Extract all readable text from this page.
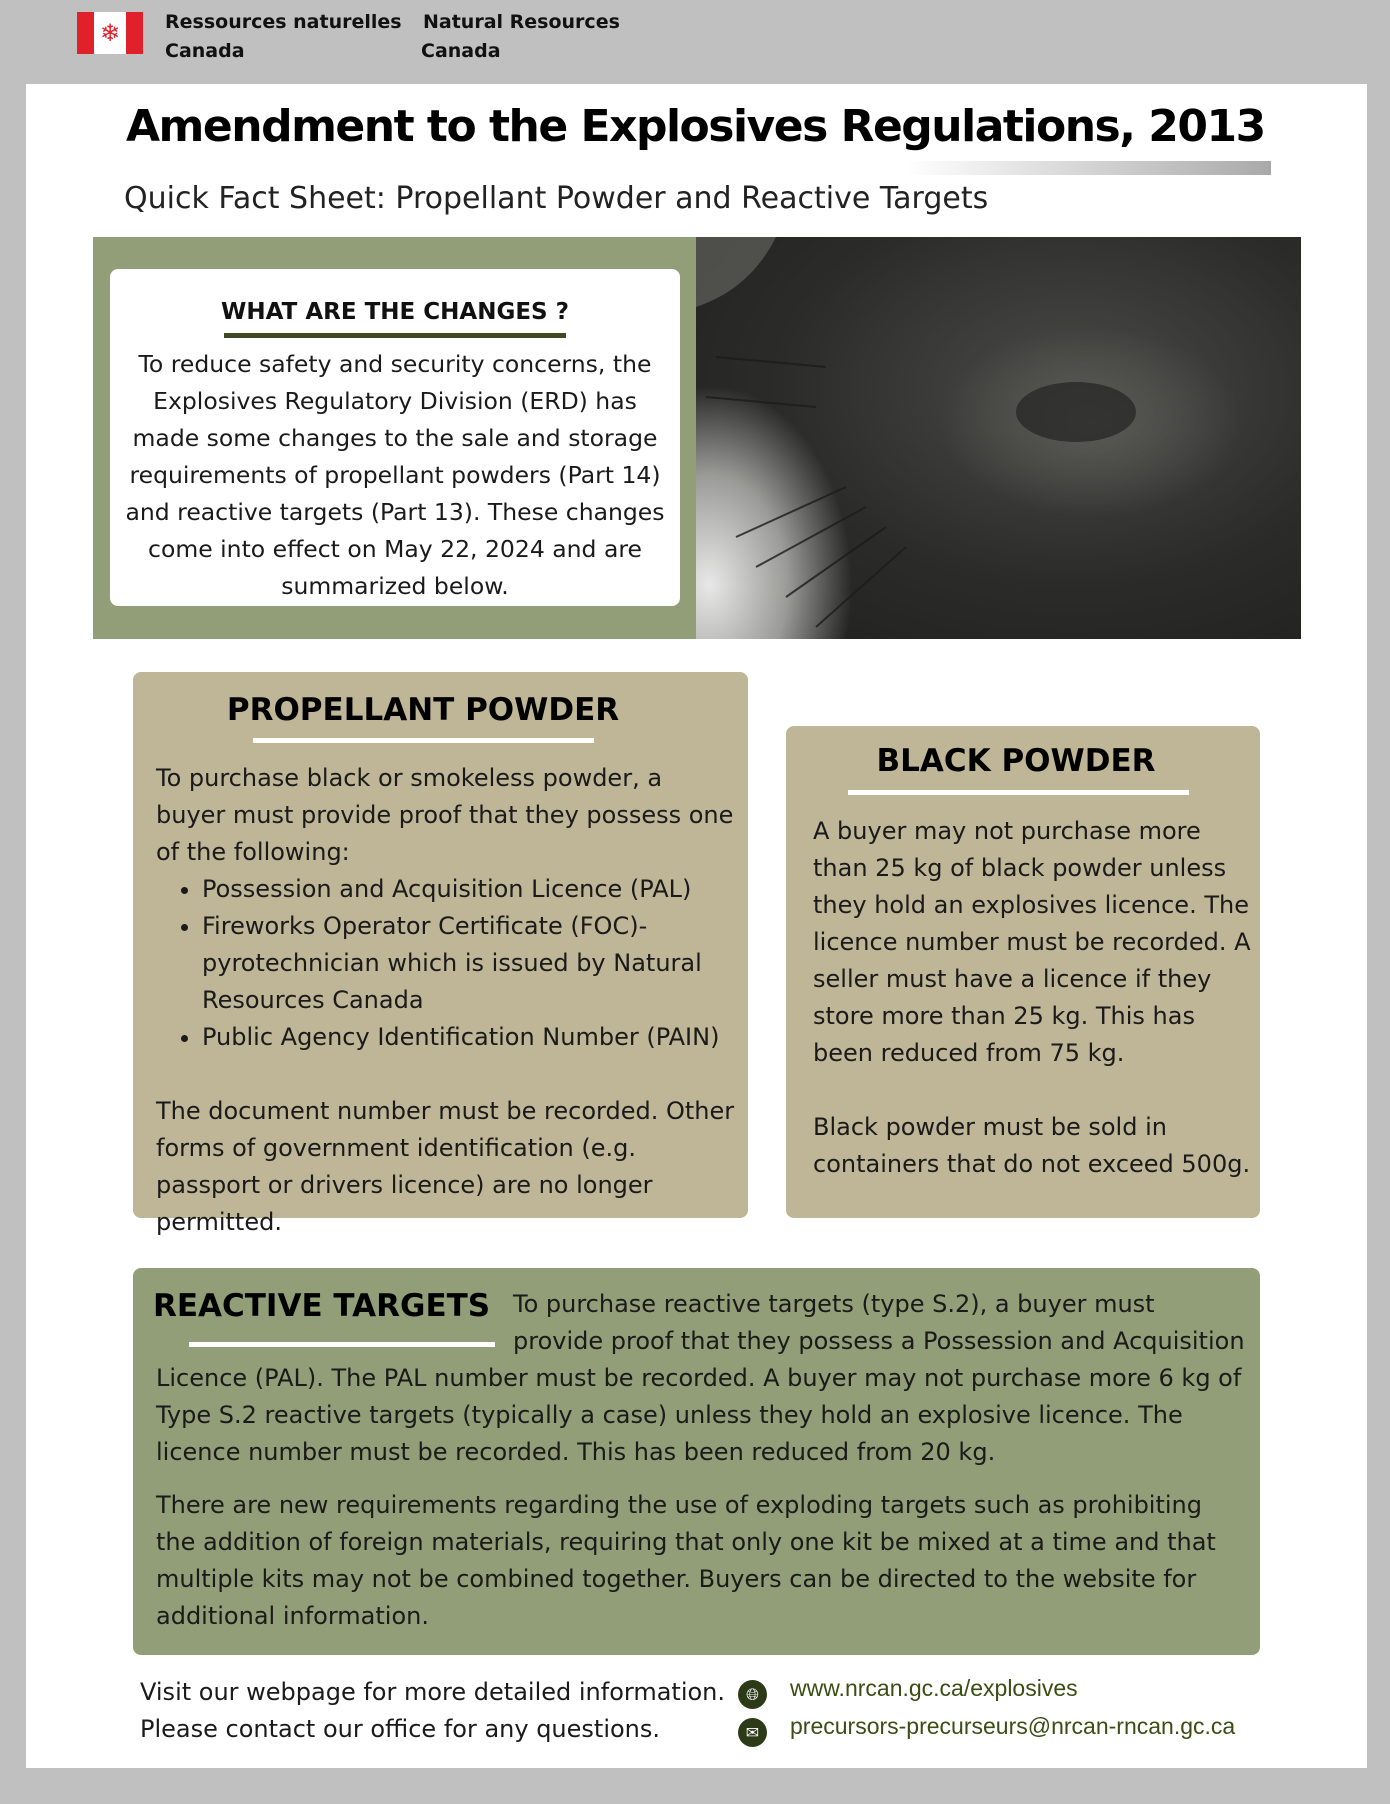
❄	Ressources naturelles
Canada
Natural Resources
Canada
Amendment to the Explosives Regulations, 2013
Quick Fact Sheet: Propellant Powder and Reactive Targets
WHAT ARE THE CHANGES ?
To reduce safety and security concerns, the Explosives Regulatory Division (ERD) has made some changes to the sale and storage requirements of propellant powders (Part 14) and reactive targets (Part 13). These changes come into effect on May 22, 2024 and are summarized below.
PROPELLANT POWDER

To purchase black or smokeless powder, a buyer must provide proof that they possess one of the following:

• Possession and Acquisition Licence (PAL)
• Fireworks Operator Certificate (FOC)- pyrotechnician which is issued by Natural Resources Canada
• Public Agency Identification Number (PAIN)

The document number must be recorded. Other forms of government identification (e.g. passport or drivers licence) are no longer permitted.

BLACK POWDER

A buyer may not purchase more than 25 kg of black powder unless they hold an explosives licence. The licence number must be recorded. A seller must have a licence if they store more than 25 kg. This has been reduced from 75 kg.

Black powder must be sold in containers that do not exceed 500g.

REACTIVE TARGETS To purchase reactive targets (type S.2), a buyer must provide proof that they possess a Possession and Acquisition Licence (PAL). The PAL number must be recorded. A buyer may not purchase more 6 kg of Type S.2 reactive targets (typically a case) unless they hold an explosive licence. The licence number must be recorded. This has been reduced from 20 kg.

There are new requirements regarding the use of exploding targets such as prohibiting the addition of foreign materials, requiring that only one kit be mixed at a time and that multiple kits may not be combined together. Buyers can be directed to the website for additional information.

Visit our webpage for more detailed information.
Please contact our office for any questions.
🌐︎	www.nrcan.gc.ca/explosives
✉	precursors-precurseurs@nrcan-rncan.gc.ca
